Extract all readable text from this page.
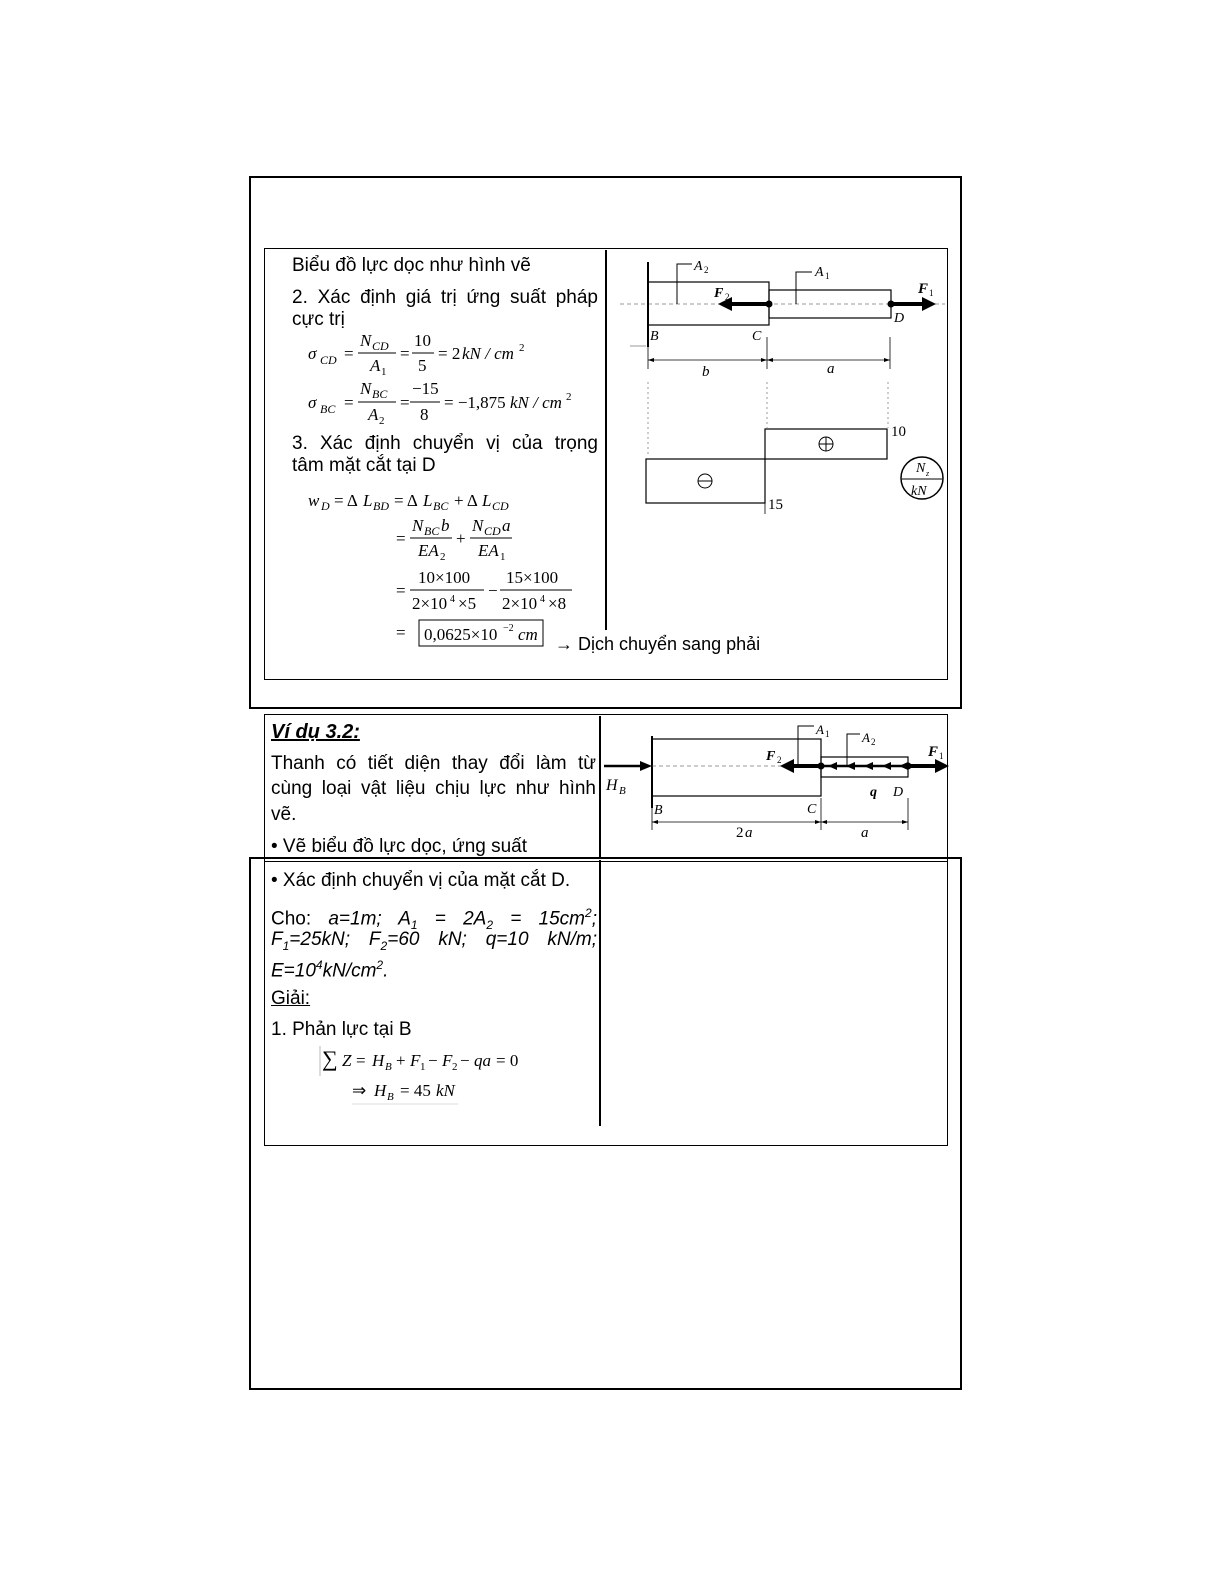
Biểu đồ lực dọc như hình vẽ
2. Xác định giá trị ứng suất pháp
cực trị
3. Xác định chuyển vị của trọng
tâm mặt cắt tại D
→ Dịch chuyển sang phải
σ CD =
N CD
A 1
=
10
5
= 2 kN / cm 2
σ BC =
N BC
A 2
=
−15
8
= −1,875 kN / cm 2
w D = Δ L BD = Δ L BC + Δ L CD
=
N BC b
EA 2
+
N CD a
EA 1
=
10×100
2×10 4 ×5
−
15×100
2×10 4 ×8
= 0,0625×10 −2 cm
A 2	A 1
F 2	F 1
B	C
D
b	a
10
15
N z
kN
Ví dụ 3.2:
Thanh có tiết diện thay đổi làm từ
cùng loại vật liệu chịu lực như hình
vẽ.
• Vẽ biểu đồ lực dọc, ứng suất
H B
A 1	A 2
F 2	F 1
B	C
q D
2 a	a
• Xác định chuyển vị của mặt cắt D.
Cho: a=1m; $A_1 = 2A_2 = 15cm^2$;
$F_1=25kN$; $F_2=60$ kN; q=10 kN/m;
$E=10^4kN/cm^2$.
Giải:
1. Phản lực tại B
∑ Z = H B + F 1 − F 2 − qa = 0
⇒ H B = 45 kN
